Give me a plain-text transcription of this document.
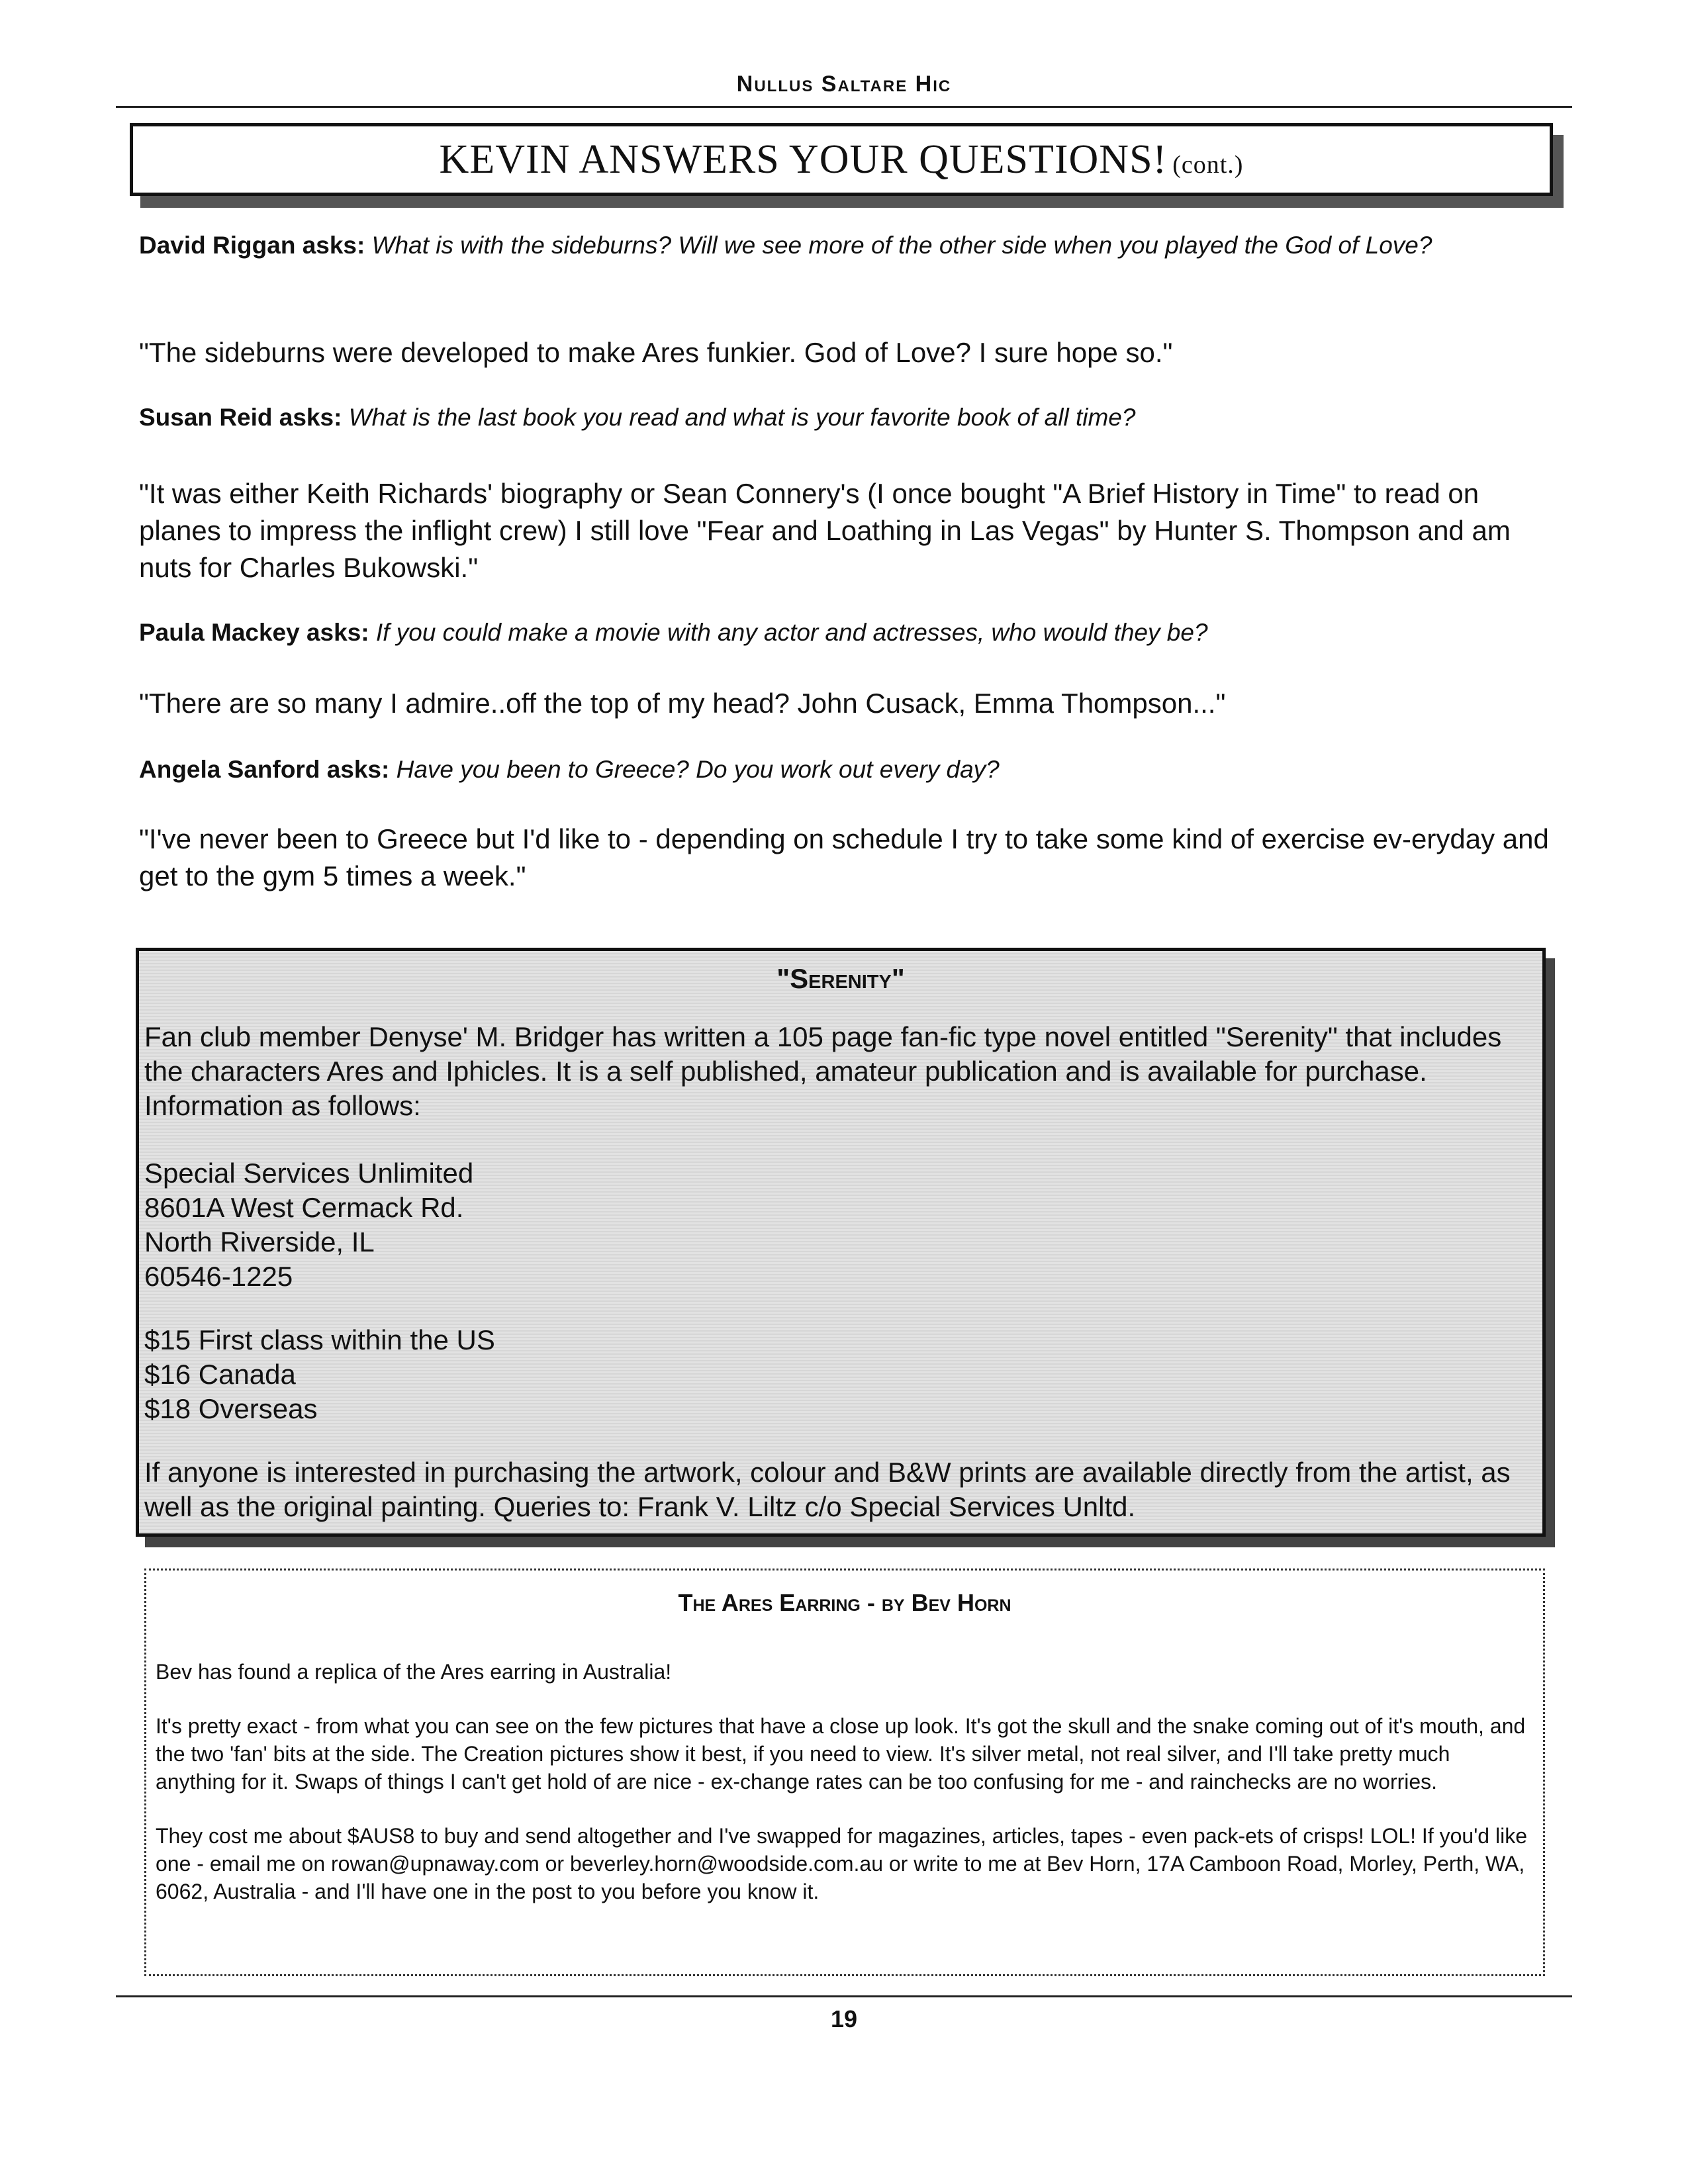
Nullus Saltare Hic
KEVIN ANSWERS YOUR QUESTIONS! (cont.)
David Riggan asks: What is with the sideburns? Will we see more of the other side when you played the God of Love?
"The sideburns were developed to make Ares funkier. God of Love? I sure hope so."
Susan Reid asks: What is the last book you read and what is your favorite book of all time?
"It was either Keith Richards' biography or Sean Connery's (I once bought "A Brief History in Time" to read on planes to impress the inflight crew) I still love "Fear and Loathing in Las Vegas" by Hunter S. Thompson and am nuts for Charles Bukowski."
Paula Mackey asks: If you could make a movie with any actor and actresses, who would they be?
"There are so many I admire..off the top of my head? John Cusack, Emma Thompson..."
Angela Sanford asks: Have you been to Greece? Do you work out every day?
"I've never been to Greece but I'd like to - depending on schedule I try to take some kind of exercise ev-eryday and get to the gym 5 times a week."
"Serenity"

Fan club member Denyse' M. Bridger has written a 105 page fan-fic type novel entitled "Serenity" that includes the characters Ares and Iphicles. It is a self published, amateur publication and is available for purchase. Information as follows:

Special Services Unlimited

8601A West Cermack Rd.

North Riverside, IL

60546-1225

$15 First class within the US

$16 Canada

$18 Overseas

If anyone is interested in purchasing the artwork, colour and B&W prints are available directly from the artist, as well as the original painting. Queries to: Frank V. Liltz c/o Special Services Unltd.

The Ares Earring - by Bev Horn

Bev has found a replica of the Ares earring in Australia!

It's pretty exact - from what you can see on the few pictures that have a close up look. It's got the skull and the snake coming out of it's mouth, and the two 'fan' bits at the side. The Creation pictures show it best, if you need to view. It's silver metal, not real silver, and I'll take pretty much anything for it. Swaps of things I can't get hold of are nice - ex-change rates can be too confusing for me - and rainchecks are no worries.

They cost me about $AUS8 to buy and send altogether and I've swapped for magazines, articles, tapes - even pack-ets of crisps! LOL! If you'd like one - email me on rowan@upnaway.com or beverley.horn@woodside.com.au or write to me at Bev Horn, 17A Camboon Road, Morley, Perth, WA, 6062, Australia - and I'll have one in the post to you before you know it.

19
